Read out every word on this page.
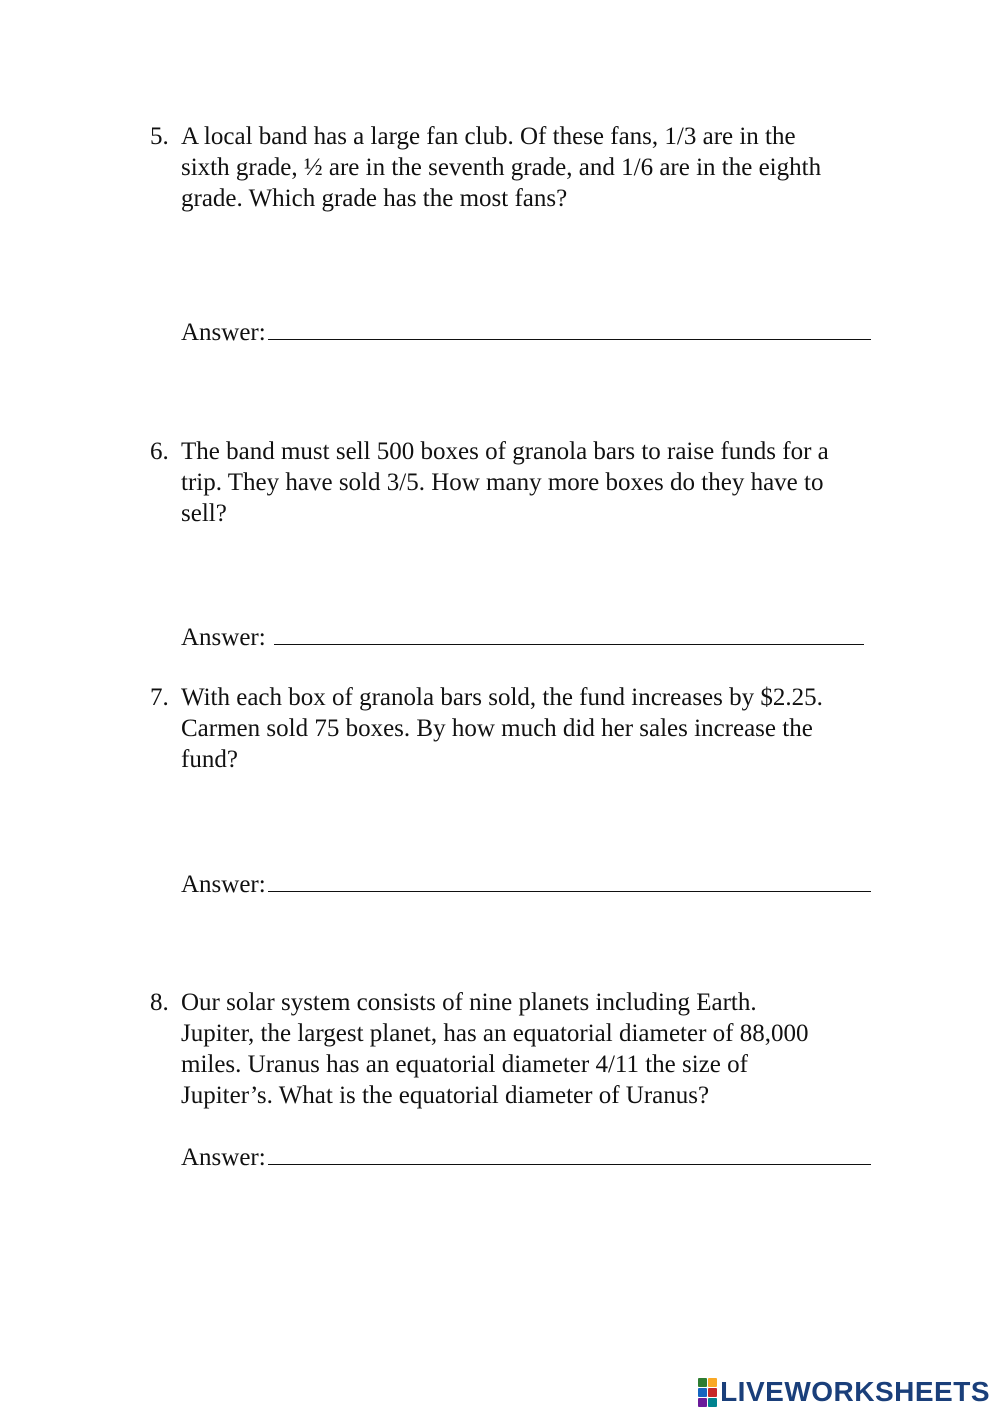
5. A local band has a large fan club. Of these fans, 1/3 are in the
sixth grade, ½ are in the seventh grade, and 1/6 are in the eighth
grade. Which grade has the most fans?
Answer:
6. The band must sell 500 boxes of granola bars to raise funds for a
trip. They have sold 3/5. How many more boxes do they have to
sell?
Answer:
7. With each box of granola bars sold, the fund increases by $2.25.
Carmen sold 75 boxes. By how much did her sales increase the
fund?
Answer:
8. Our solar system consists of nine planets including Earth.
Jupiter, the largest planet, has an equatorial diameter of 88,000
miles. Uranus has an equatorial diameter 4/11 the size of
Jupiter’s. What is the equatorial diameter of Uranus?
Answer:
LIVEWORKSHEETS
